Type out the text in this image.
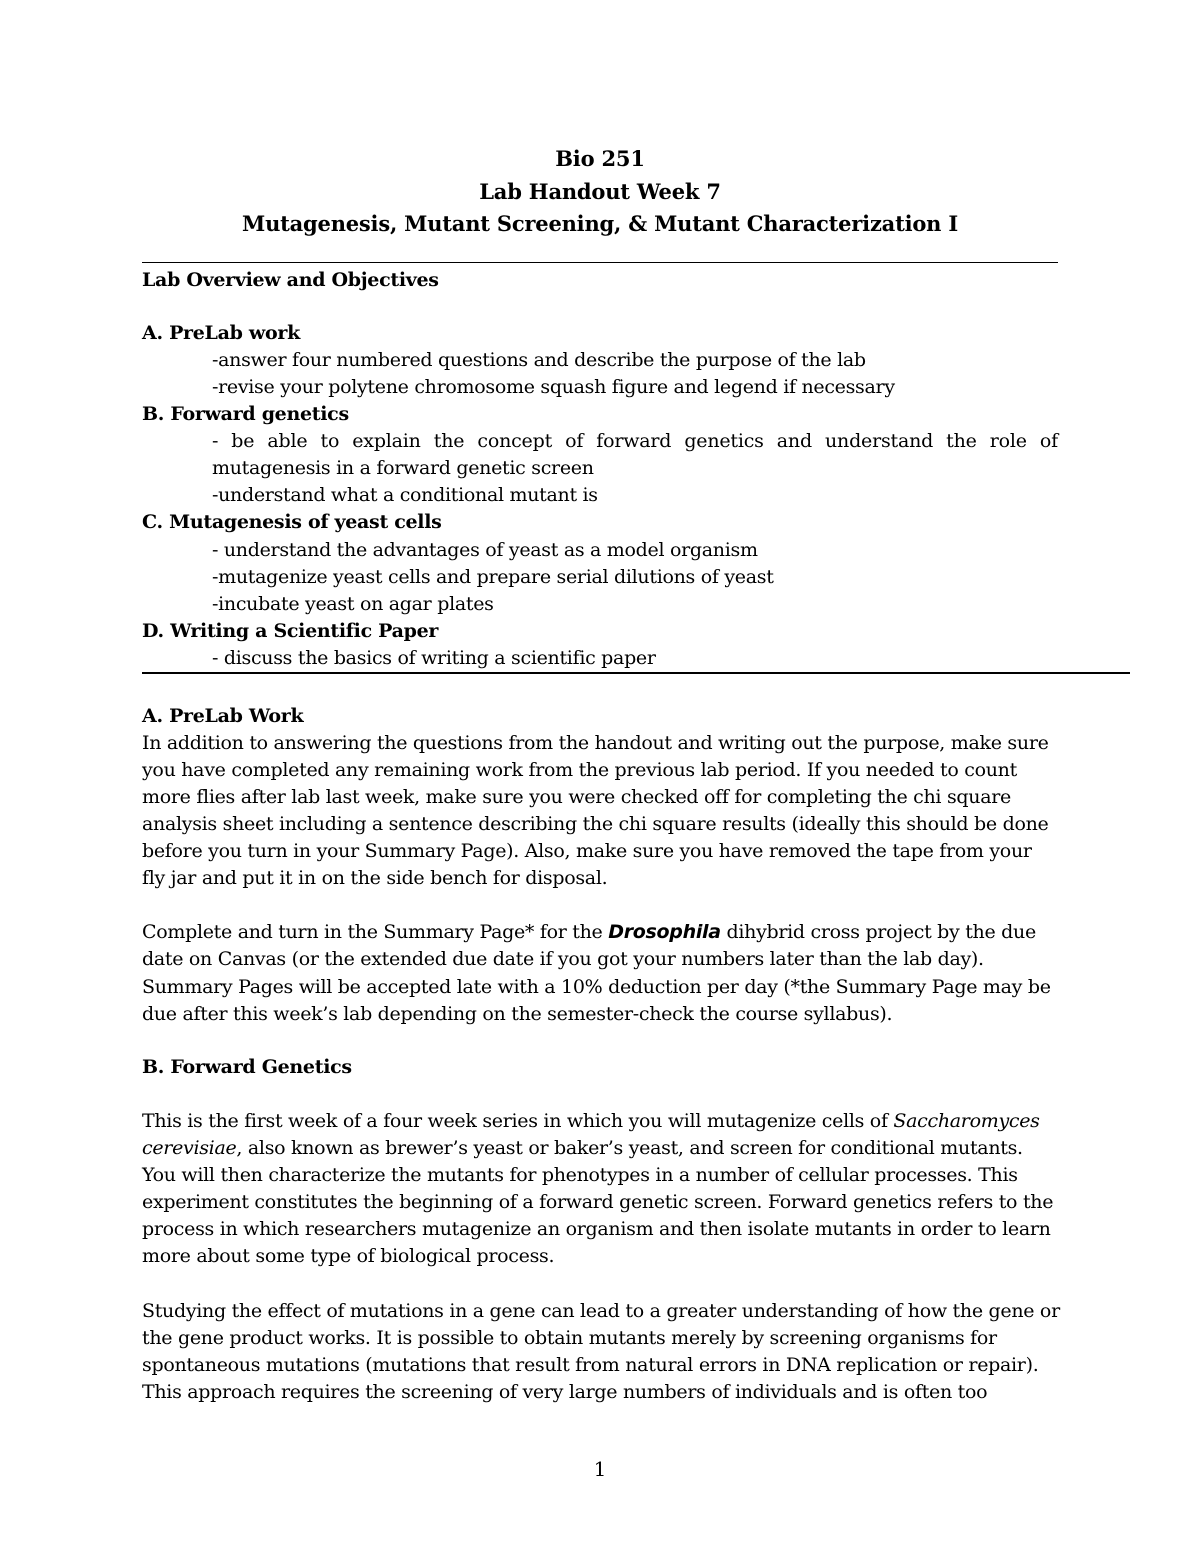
Bio 251
Lab Handout Week 7
Mutagenesis, Mutant Screening, & Mutant Characterization I
Lab Overview and Objectives
A. PreLab work
-answer four numbered questions and describe the purpose of the lab
-revise your polytene chromosome squash figure and legend if necessary
B. Forward genetics
- be able to explain the concept of forward genetics and understand the role of
mutagenesis in a forward genetic screen
-understand what a conditional mutant is
C. Mutagenesis of yeast cells
- understand the advantages of yeast as a model organism
-mutagenize yeast cells and prepare serial dilutions of yeast
-incubate yeast on agar plates
D. Writing a Scientific Paper
- discuss the basics of writing a scientific paper
A. PreLab Work
In addition to answering the questions from the handout and writing out the purpose, make sure
you have completed any remaining work from the previous lab period. If you needed to count
more flies after lab last week, make sure you were checked off for completing the chi square
analysis sheet including a sentence describing the chi square results (ideally this should be done
before you turn in your Summary Page). Also, make sure you have removed the tape from your
fly jar and put it in on the side bench for disposal.
Complete and turn in the Summary Page* for the Drosophila dihybrid cross project by the due
date on Canvas (or the extended due date if you got your numbers later than the lab day).
Summary Pages will be accepted late with a 10% deduction per day (*the Summary Page may be
due after this week’s lab depending on the semester-check the course syllabus).
B. Forward Genetics
This is the first week of a four week series in which you will mutagenize cells of Saccharomyces
cerevisiae, also known as brewer’s yeast or baker’s yeast, and screen for conditional mutants.
You will then characterize the mutants for phenotypes in a number of cellular processes. This
experiment constitutes the beginning of a forward genetic screen. Forward genetics refers to the
process in which researchers mutagenize an organism and then isolate mutants in order to learn
more about some type of biological process.
Studying the effect of mutations in a gene can lead to a greater understanding of how the gene or
the gene product works. It is possible to obtain mutants merely by screening organisms for
spontaneous mutations (mutations that result from natural errors in DNA replication or repair).
This approach requires the screening of very large numbers of individuals and is often too
1
